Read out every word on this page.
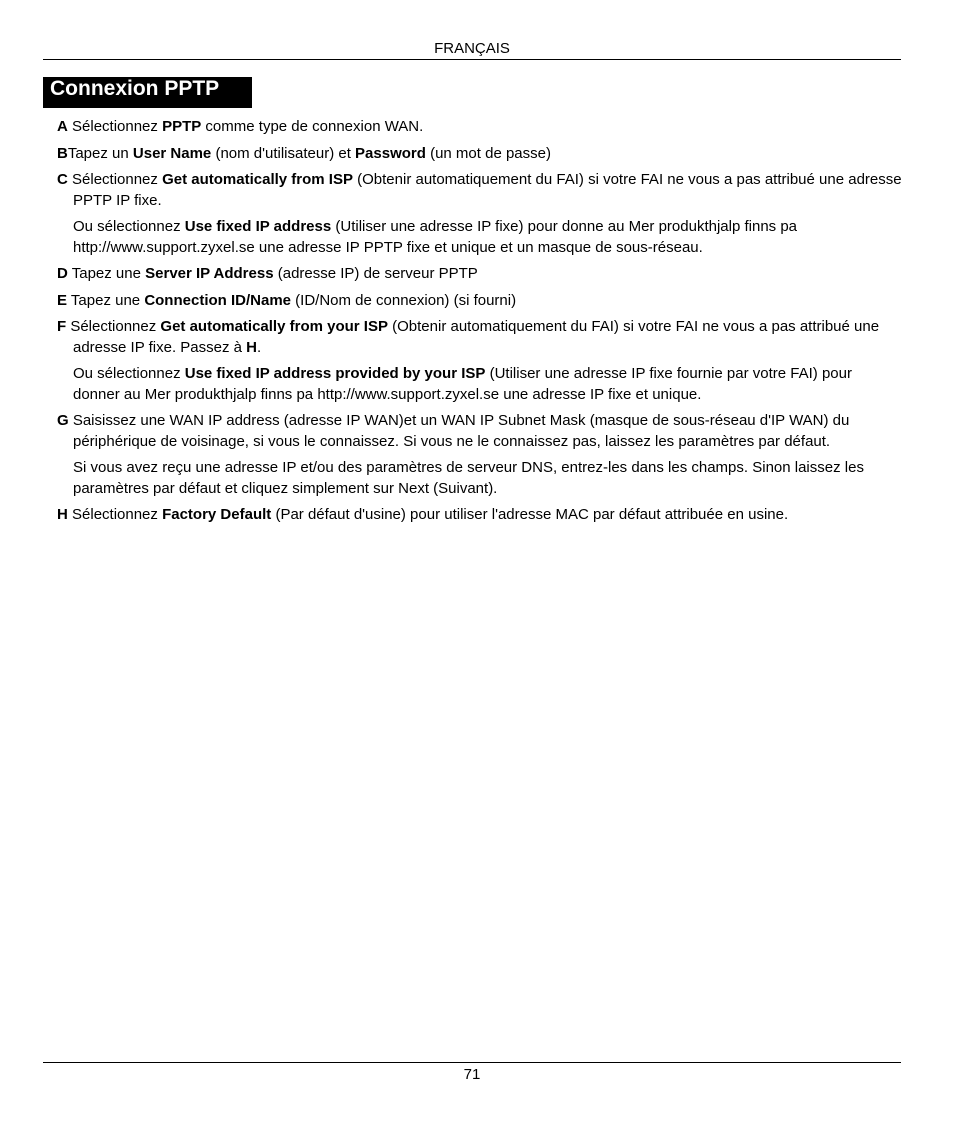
FRANÇAIS
Connexion PPTP

A Sélectionnez PPTP comme type de connexion WAN.

BTapez un User Name (nom d'utilisateur) et Password (un mot de passe)

C Sélectionnez Get automatically from ISP (Obtenir automatiquement du FAI) si votre FAI ne vous a pas attribué une adresse PPTP IP fixe.

Ou sélectionnez Use fixed IP address (Utiliser une adresse IP fixe) pour donne au Mer produkthjalp finns pa http://www.support.zyxel.se une adresse IP PPTP fixe et unique et un masque de sous-réseau.

D Tapez une Server IP Address (adresse IP) de serveur PPTP

E Tapez une Connection ID/Name (ID/Nom de connexion) (si fourni)

F Sélectionnez Get automatically from your ISP (Obtenir automatiquement du FAI) si votre FAI ne vous a pas attribué une adresse IP fixe. Passez à H.

Ou sélectionnez Use fixed IP address provided by your ISP (Utiliser une adresse IP fixe fournie par votre FAI) pour donner au Mer produkthjalp finns pa http://www.support.zyxel.se une adresse IP fixe et unique.

G Saisissez une WAN IP address (adresse IP WAN)et un WAN IP Subnet Mask (masque de sous-réseau d'IP WAN) du périphérique de voisinage, si vous le connaissez. Si vous ne le connaissez pas, laissez les paramètres par défaut.

Si vous avez reçu une adresse IP et/ou des paramètres de serveur DNS, entrez-les dans les champs. Sinon laissez les paramètres par défaut et cliquez simplement sur Next (Suivant).

H Sélectionnez Factory Default (Par défaut d'usine) pour utiliser l'adresse MAC par défaut attribuée en usine.

71
